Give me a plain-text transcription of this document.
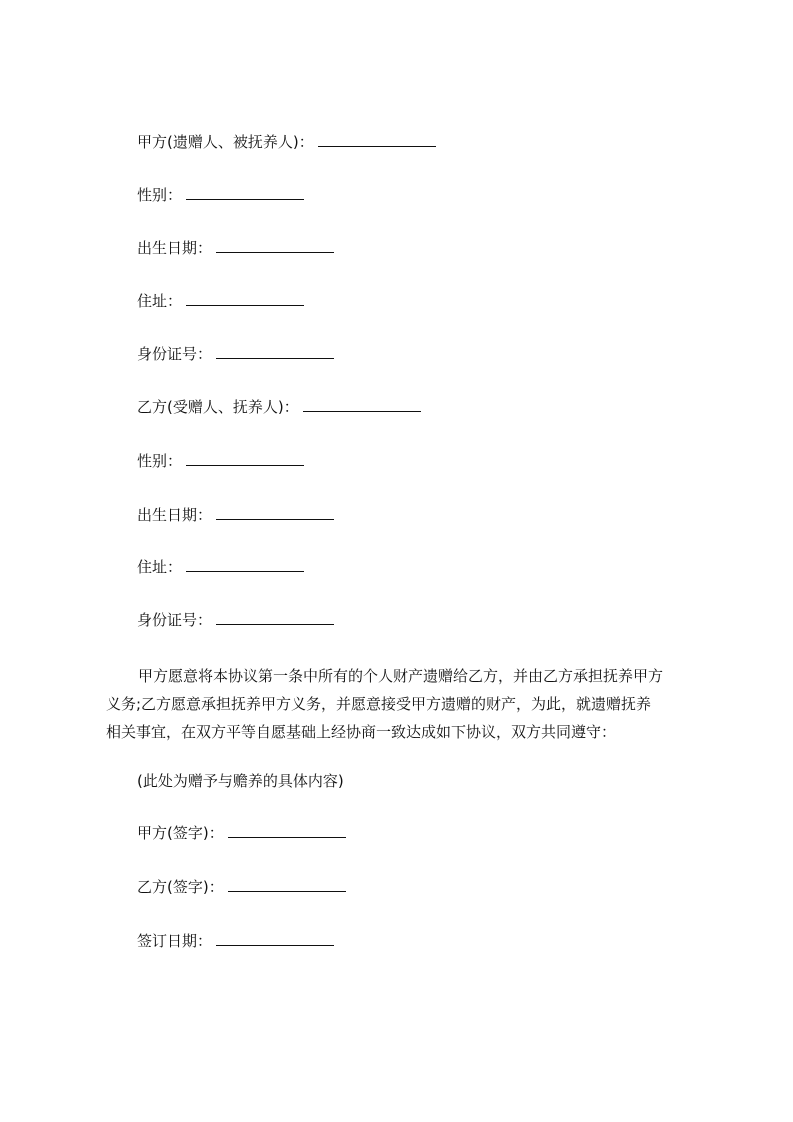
甲方(遗赠人、被抚养人)：
性别：
出生日期：
住址：
身份证号：
乙方(受赠人、抚养人)：
性别：
出生日期：
住址：
身份证号：
甲方愿意将本协议第一条中所有的个人财产遗赠给乙方，并由乙方承担抚养甲方
义务;乙方愿意承担抚养甲方义务，并愿意接受甲方遗赠的财产，为此，就遗赠抚养
相关事宜，在双方平等自愿基础上经协商一致达成如下协议，双方共同遵守：
(此处为赠予与赡养的具体内容)
甲方(签字)：
乙方(签字)：
签订日期：
